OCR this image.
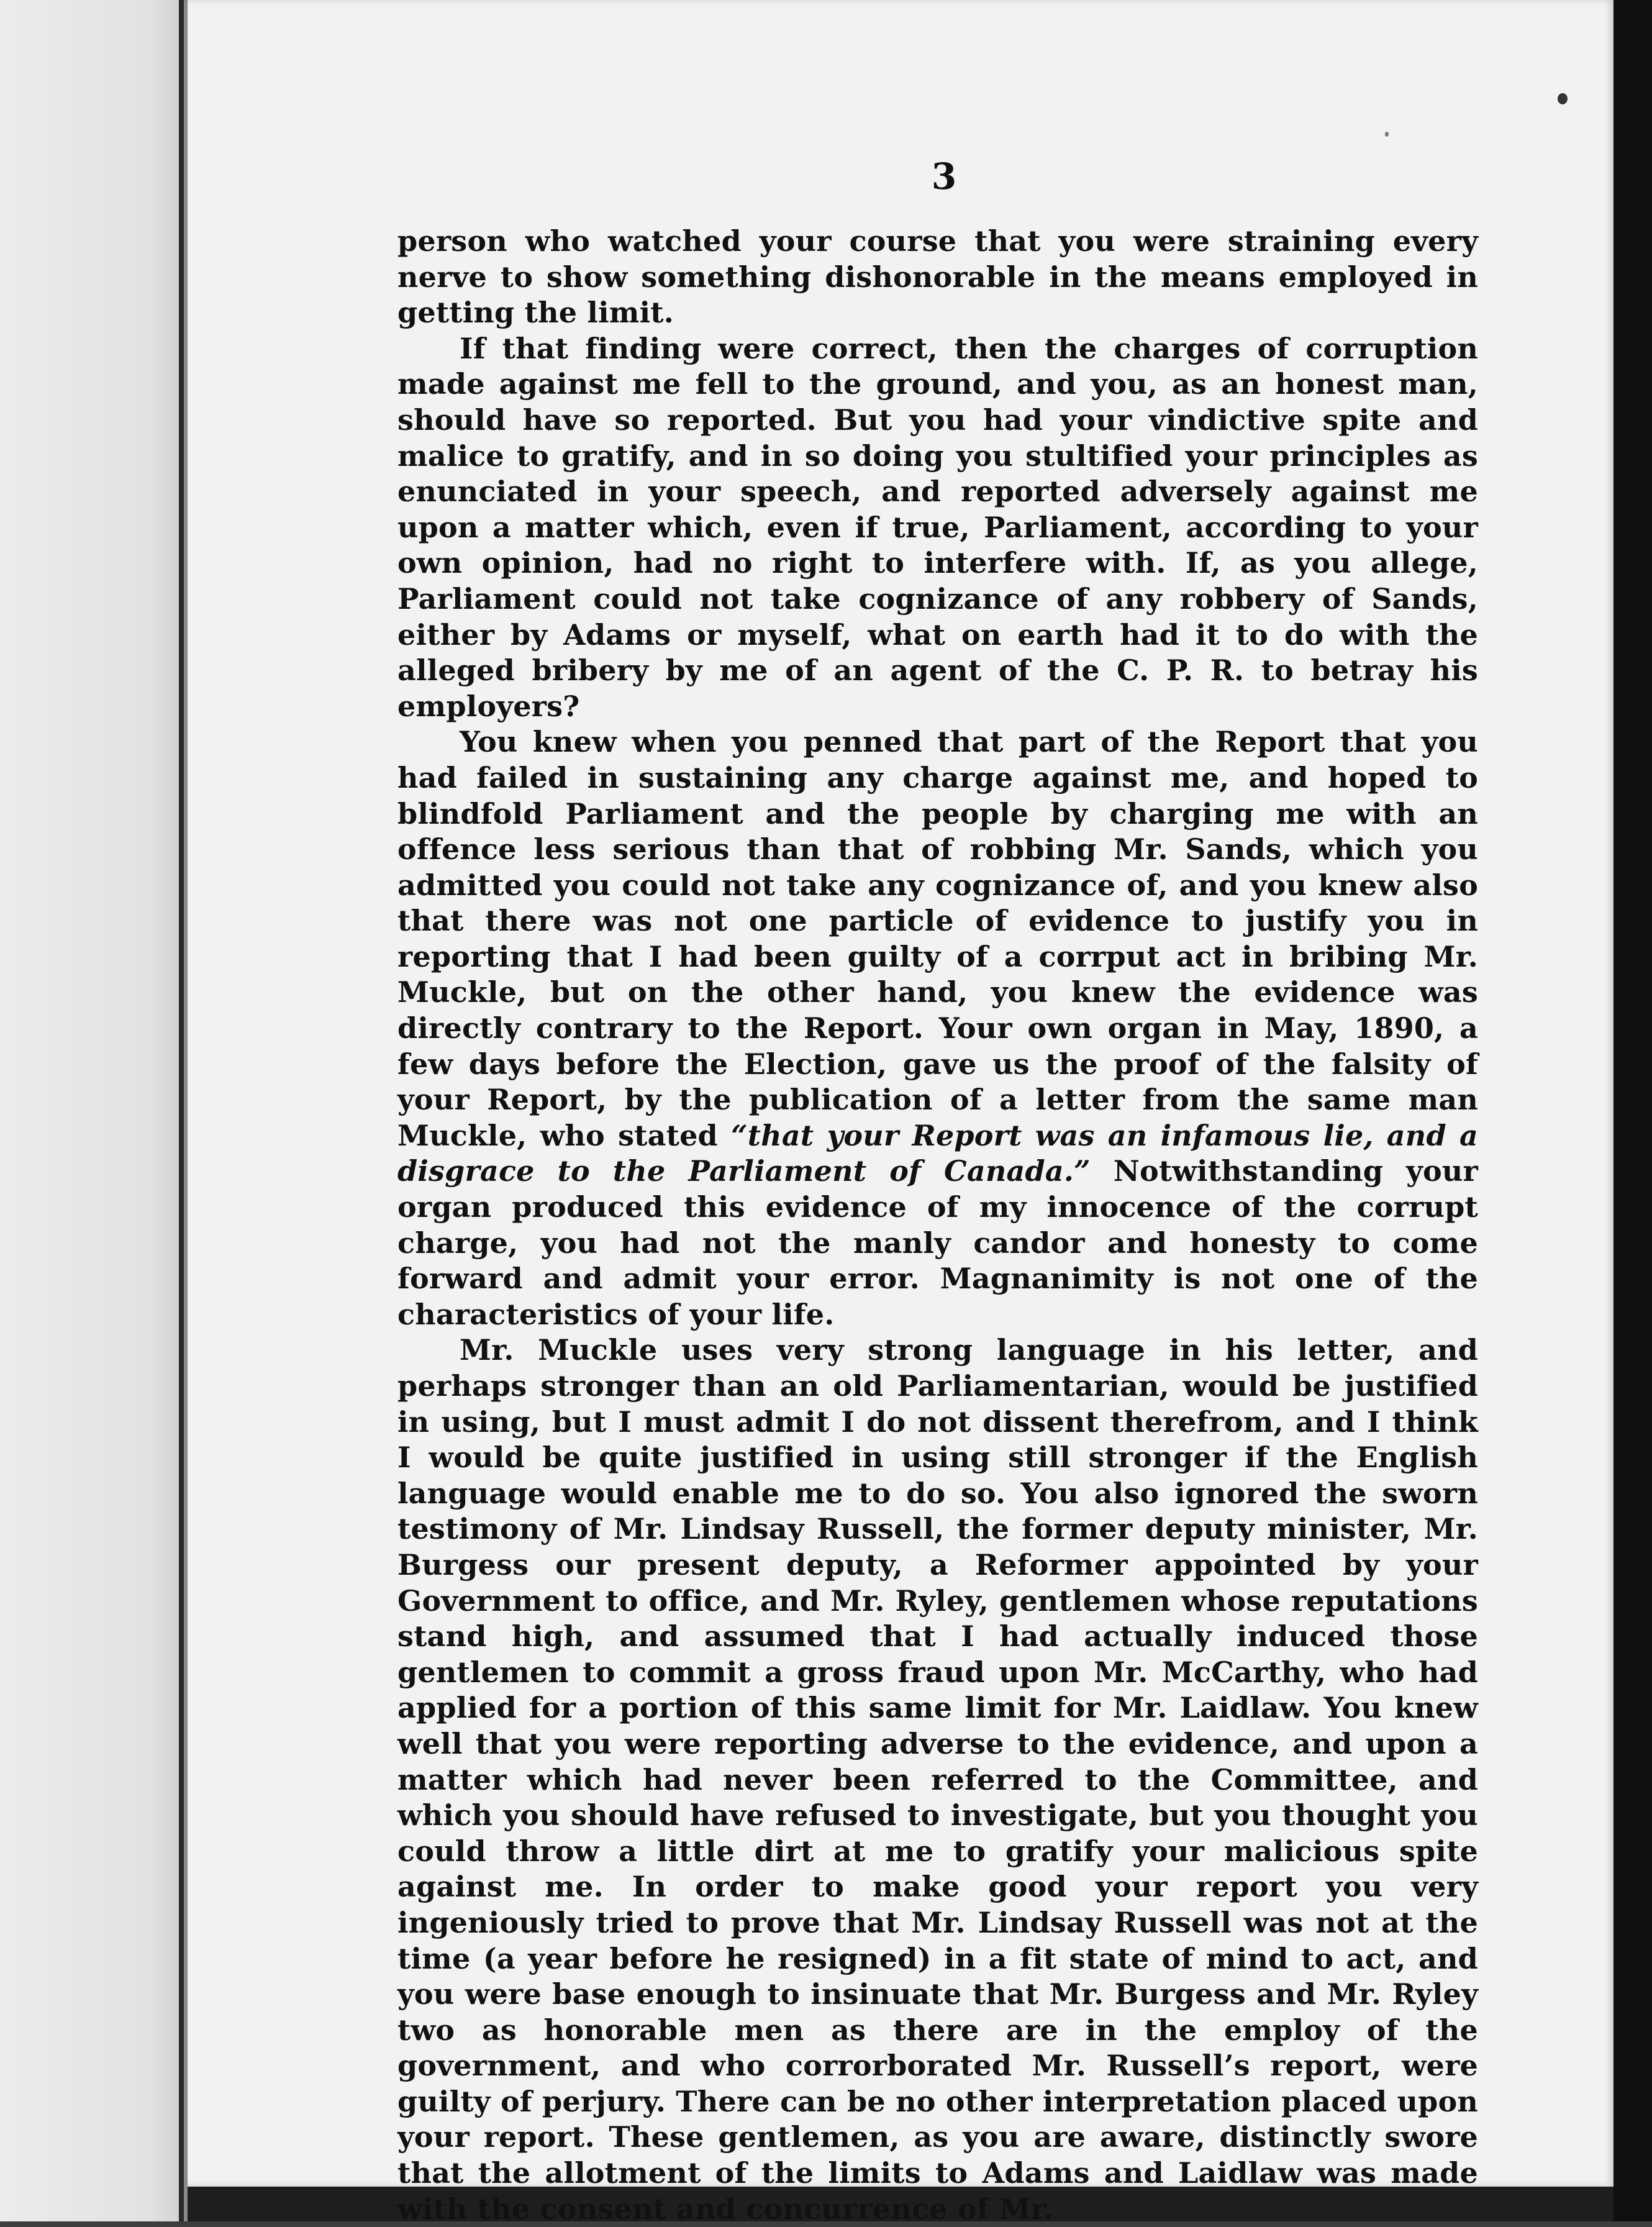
3

person who watched your course that you were straining every nerve to show something dishonorable in the means employed in getting the limit.

If that finding were correct, then the charges of corruption made against me fell to the ground, and you, as an honest man, should have so reported. But you had your vindictive spite and malice to gratify, and in so doing you stultified your principles as enunciated in your speech, and reported adversely against me upon a matter which, even if true, Parliament, according to your own opinion, had no right to interfere with. If, as you allege, Parliament could not take cognizance of any robbery of Sands, either by Adams or myself, what on earth had it to do with the alleged bribery by me of an agent of the C. P. R. to betray his employers?

You knew when you penned that part of the Report that you had failed in sustaining any charge against me, and hoped to blindfold Parliament and the people by charging me with an offence less serious than that of robbing Mr. Sands, which you admitted you could not take any cognizance of, and you knew also that there was not one particle of evidence to justify you in reporting that I had been guilty of a corrput act in bribing Mr. Muckle, but on the other hand, you knew the evidence was directly contrary to the Report. Your own organ in May, 1890, a few days before the Election, gave us the proof of the falsity of your Report, by the publication of a letter from the same man Muckle, who stated “that your Report was an infamous lie, and a disgrace to the Parliament of Canada.” Notwithstanding your organ produced this evidence of my innocence of the corrupt charge, you had not the manly candor and honesty to come forward and admit your error. Magnanimity is not one of the characteristics of your life.

Mr. Muckle uses very strong language in his letter, and perhaps stronger than an old Parliamentarian, would be justified in using, but I must admit I do not dissent therefrom, and I think I would be quite justified in using still stronger if the English language would enable me to do so. You also ignored the sworn testimony of Mr. Lindsay Russell, the former deputy minister, Mr. Burgess our present deputy, a Reformer appointed by your Government to office, and Mr. Ryley, gentlemen whose reputations stand high, and assumed that I had actually induced those gentlemen to commit a gross fraud upon Mr. McCarthy, who had applied for a portion of this same limit for Mr. Laidlaw. You knew well that you were reporting adverse to the evidence, and upon a matter which had never been referred to the Committee, and which you should have refused to investigate, but you thought you could throw a little dirt at me to gratify your malicious spite against me. In order to make good your report you very ingeniously tried to prove that Mr. Lindsay Russell was not at the time (a year before he resigned) in a fit state of mind to act, and you were base enough to insinuate that Mr. Burgess and Mr. Ryley two as honorable men as there are in the employ of the government, and who corrorborated Mr. Russell’s report, were guilty of perjury. There can be no other interpretation placed upon your report. These gentlemen, as you are aware, distinctly swore that the allotment of the limits to Adams and Laidlaw was made with the consent and concurrence of Mr.
